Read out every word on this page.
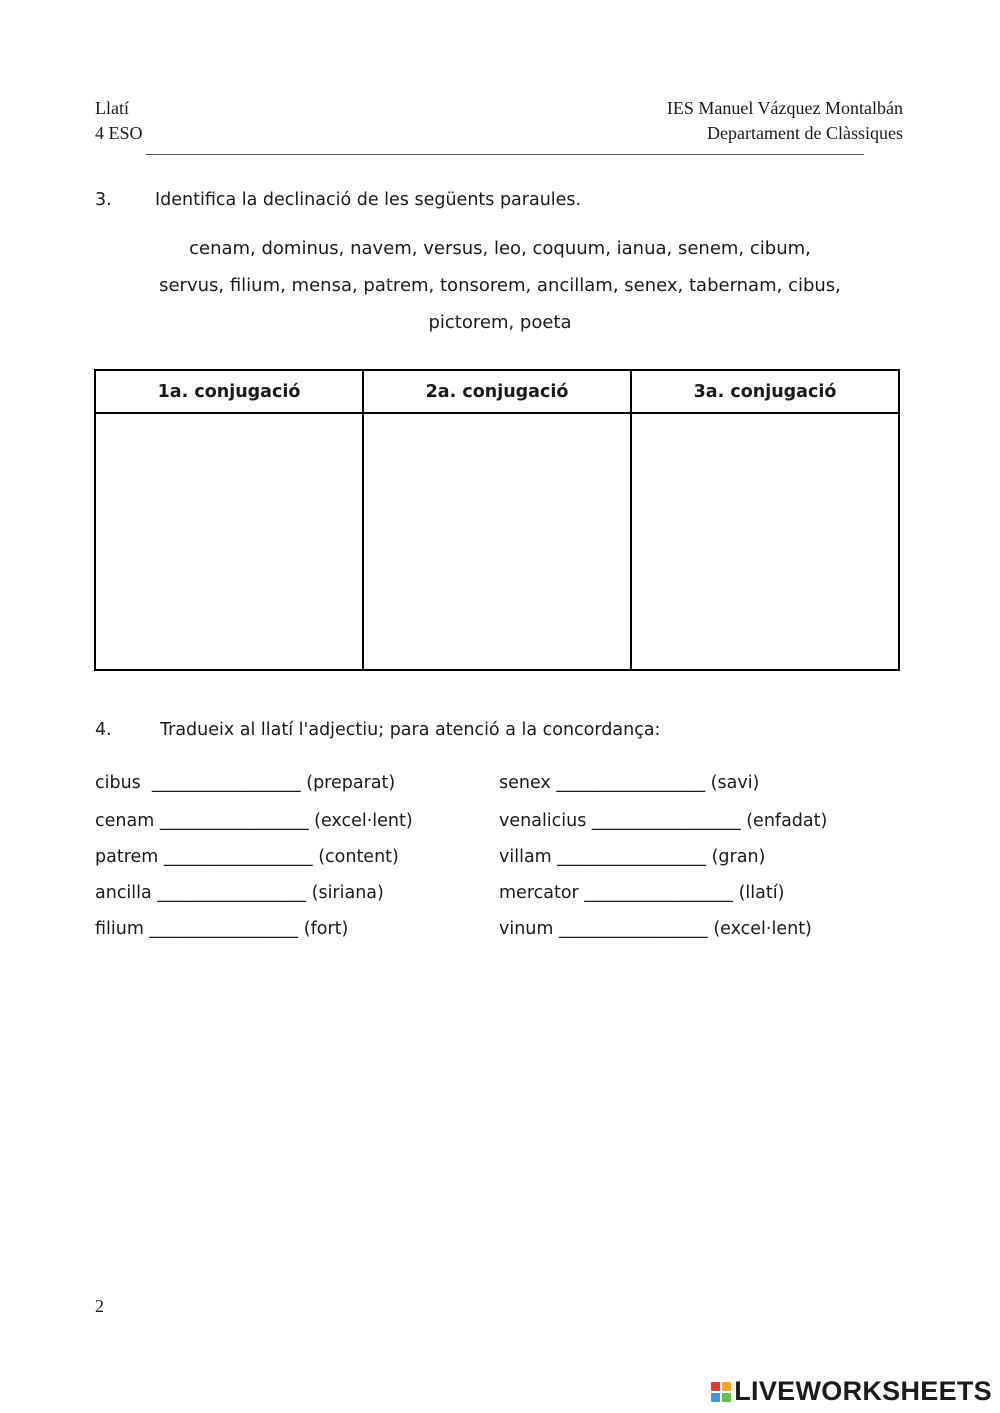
Llatí
4 ESO
IES Manuel Vázquez Montalbán
Departament de Clàssiques
3. Identifica la declinació de les següents paraules.
cenam, dominus, navem, versus, leo, coquum, ianua, senem, cibum,
servus, filium, mensa, patrem, tonsorem, ancillam, senex, tabernam, cibus,
pictorem, poeta
1a. conjugació	2a. conjugació	3a. conjugació

4.	Tradueix al llatí l'adjectiu; para atenció a la concordança:
cibus  _________________ (preparat)
cenam _________________ (excel·lent)
patrem _________________ (content)
ancilla _________________ (siriana)
filium _________________ (fort)
senex _________________ (savi)
venalicius _________________ (enfadat)
villam _________________ (gran)
mercator _________________ (llatí)
vinum _________________ (excel·lent)
2
LIVEWORKSHEETS
